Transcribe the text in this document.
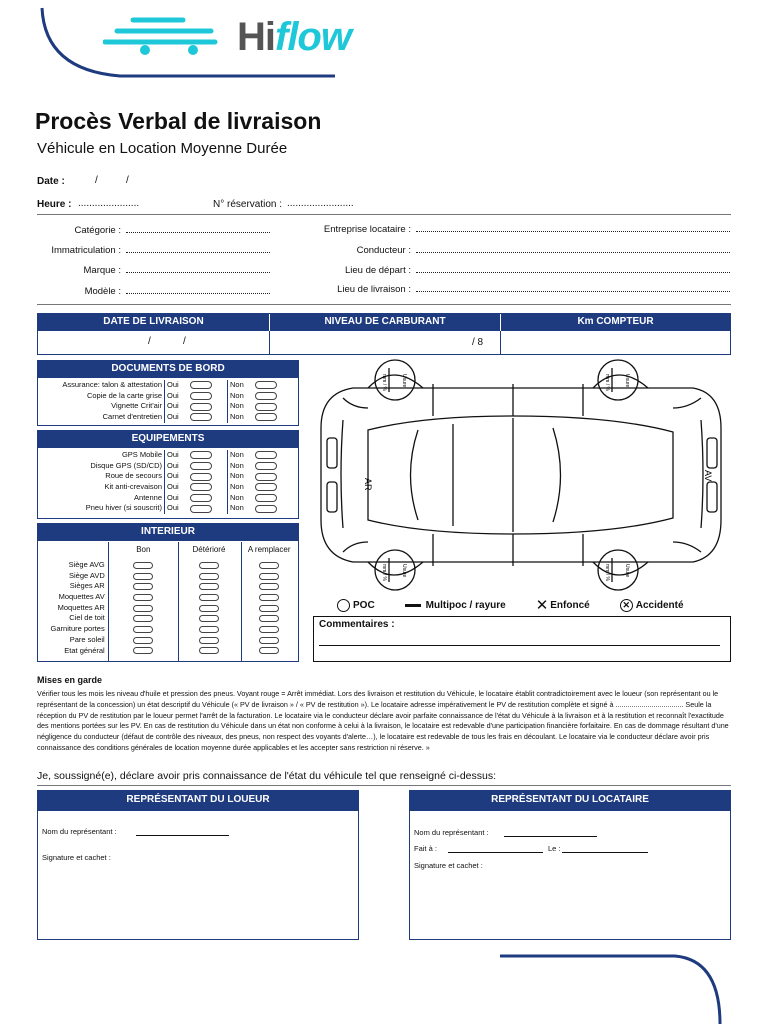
Hiflow
Procès Verbal de livraison
Véhicule en Location Moyenne Durée
Date :	/	/
Heure : ......................	N° réservation : ........................
Catégorie :
Immatriculation :
Marque :
Modèle :
Entreprise locataire :
Conducteur :
Lieu de départ :
Lieu de livraison :
DATE DE LIVRAISON	NIVEAU DE CARBURANT	Km COMPTEUR
/	/	/ 8
DOCUMENTS DE BORD
Assurance: talon & attestation Oui	Non
Copie de la carte grise Oui	Non
Vignette Crit'air Oui	Non
Carnet d'entretien Oui	Non
EQUIPEMENTS
GPS Mobile Oui	Non
Disque GPS (SD/CD) Oui	Non
Roue de secours Oui	Non
Kit anti-crevaison Oui	Non
Antenne Oui	Non
Pneu hiver (si souscrit) Oui	Non
INTERIEUR
Bon	Détérioré	A remplacer
Siège AVG
Siège AVD
Sièges AR
Moquettes AV
Moquettes AR
Ciel de toit
Garniture portes
Pare soleil
Etat général
AR
AV
mm / %	mm / %
mm / %	mm / %
Usure	Usure
Usure	Usure
POC	Multipoc / rayure ✕ Enfoncé	✕ Accidenté
Commentaires :
Mises en garde
Vérifier tous les mois les niveau d'huile et pression des pneus. Voyant rouge = Arrêt immédiat. Lors des livraison et restitution du Véhicule, le locataire établit contradictoirement avec le loueur (son représentant ou le représentant de la concession) un état descriptif du Véhicule (« PV de livraison » / « PV de restitution »). Le locataire adresse impérativement le PV de restitution complète et signé à .................................. Seule la réception du PV de restitution par le loueur permet l'arrêt de la facturation. Le locataire via le conducteur déclare avoir parfaite connaissance de l'état du Véhicule à la livraison et à la restitution et reconnaît l'exactitude des mentions portées sur les PV. En cas de restitution du Véhicule dans un état non conforme à celui à la livraison, le locataire est redevable d'une participation financière forfaitaire. En cas de dommage résultant d'une négligence du conducteur (défaut de contrôle des niveaux, des pneus, non respect des voyants d'alerte…), le locataire est redevable de tous les frais en découlant. Le locataire via le conducteur déclare avoir pris connaissance des conditions générales de location moyenne durée applicables et les accepter sans restriction ni réserve. »
Je, soussigné(e), déclare avoir pris connaissance de l'état du véhicule tel que renseigné ci-dessus:
REPRÉSENTANT DU LOUEUR
Nom du représentant :
Signature et cachet :
REPRÉSENTANT DU LOCATAIRE
Nom du représentant :
Fait à :	Le :
Signature et cachet :
